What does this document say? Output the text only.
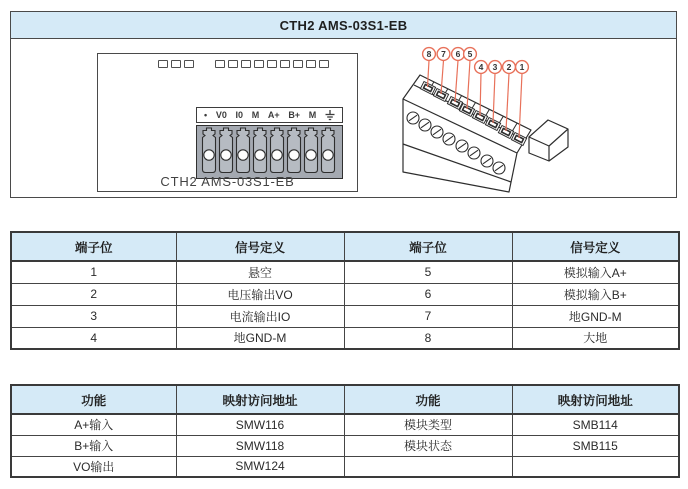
CTH2 AMS-03S1-EB
• V0 I0 M A+ B+ M
CTH2 AMS-03S1-EB
8 7 6 5
4 3 2 1
端子位	信号定义	端子位	信号定义
1	悬空	5	模拟输入A+
2	电压输出VO	6	模拟输入B+
3	电流输出IO	7	地GND-M
4	地GND-M	8	大地
功能	映射访问地址	功能	映射访问地址
A+输入	SMW116	模块类型	SMB114
B+输入	SMW118	模块状态	SMB115
VO输出	SMW124		
